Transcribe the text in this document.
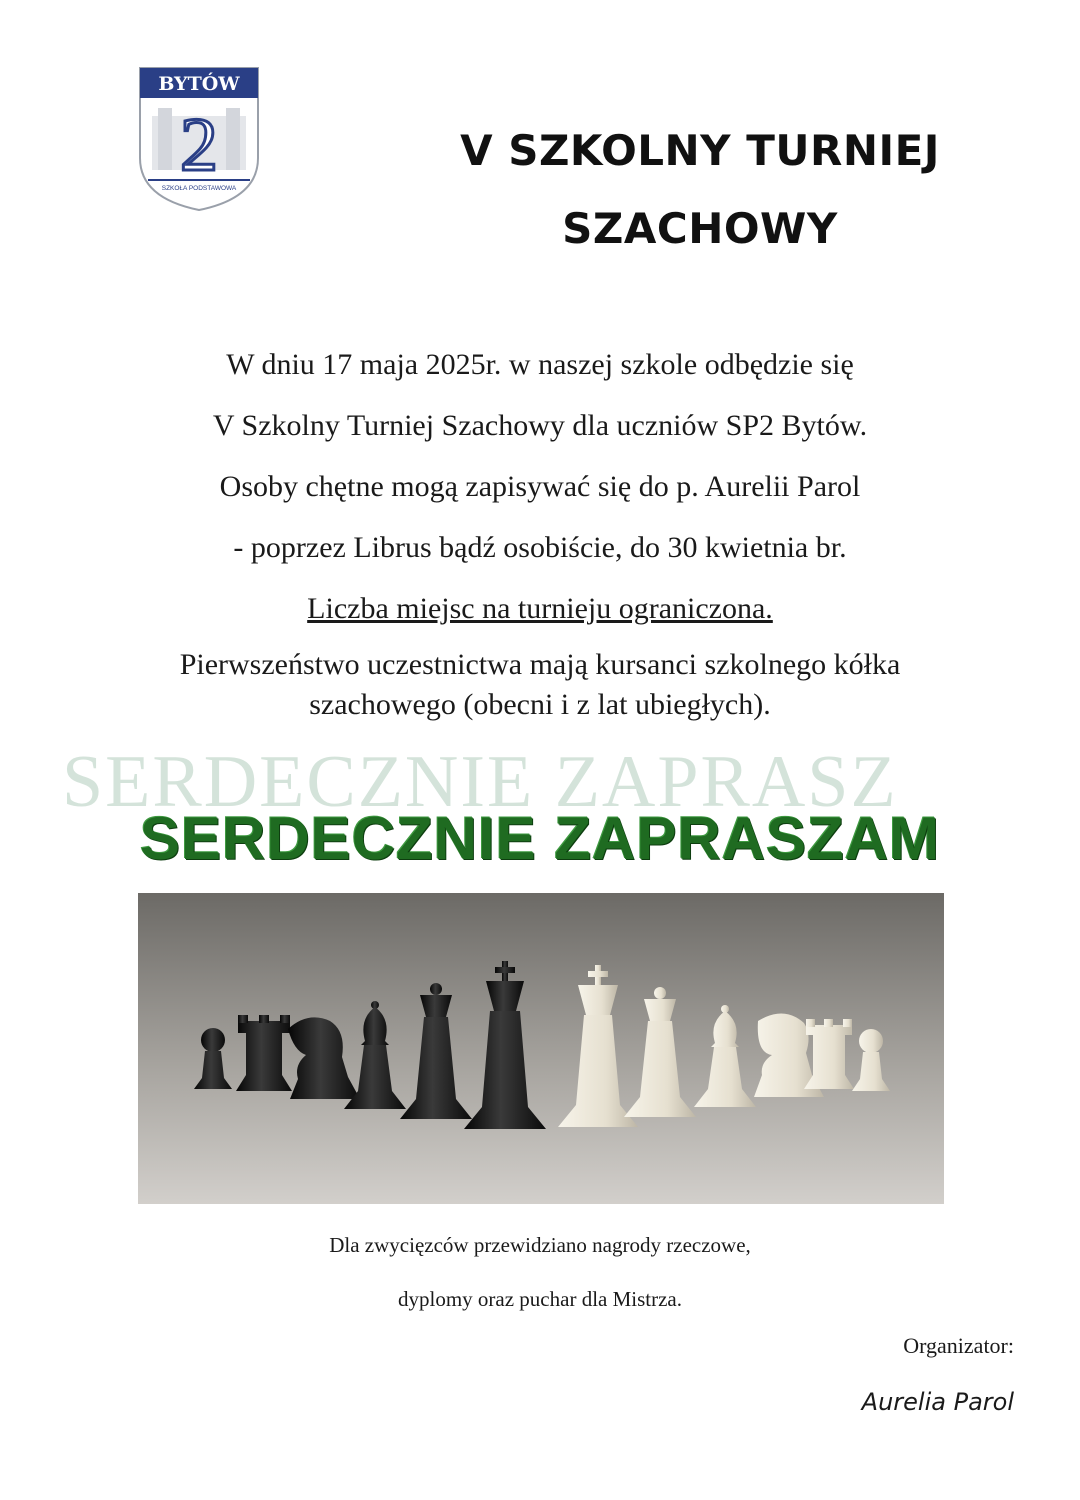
BYTÓW
2
SZKOŁA PODSTAWOWA
V SZKOLNY TURNIEJ
SZACHOWY

W dniu 17 maja 2025r. w naszej szkole odbędzie się

V Szkolny Turniej Szachowy dla uczniów SP2 Bytów.

Osoby chętne mogą zapisywać się do p. Aurelii Parol

- poprzez Librus bądź osobiście, do 30 kwietnia br.

Liczba miejsc na turnieju ograniczona.

Pierwszeństwo uczestnictwa mają kursanci szkolnego kółka

szachowego (obecni i z lat ubiegłych).

SERDECZNIE ZAPRASZ
SERDECZNIE ZAPRASZAM

Dla zwycięzców przewidziano nagrody rzeczowe,

dyplomy oraz puchar dla Mistrza.

Organizator:
Aurelia Parol
